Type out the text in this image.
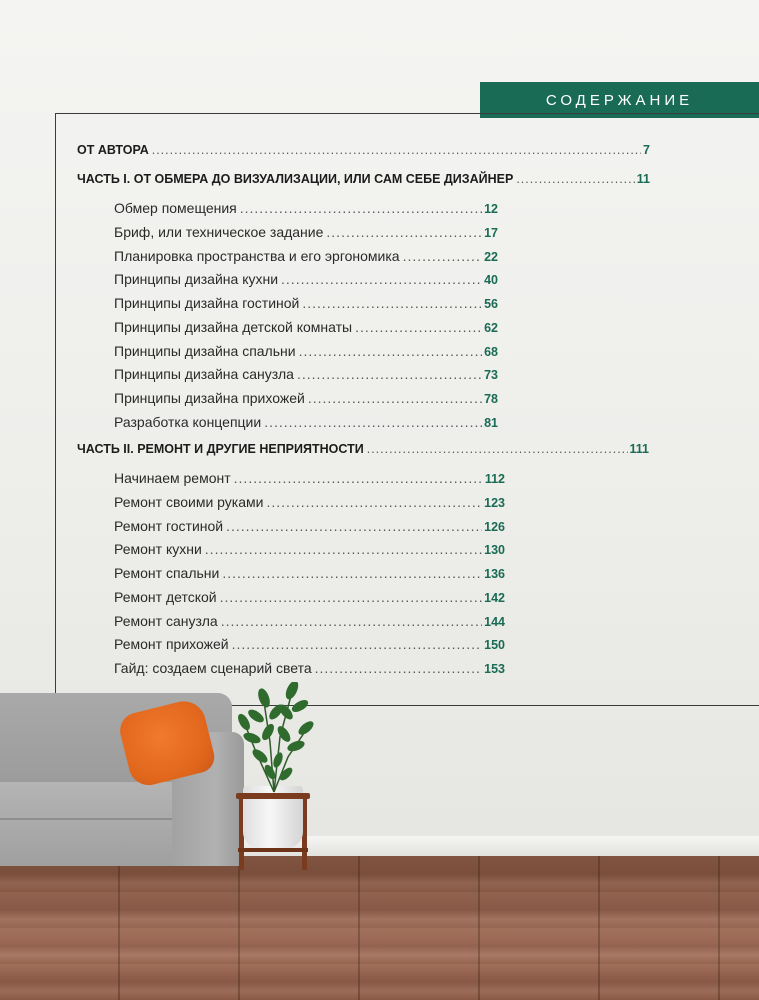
СОДЕРЖАНИЕ
ОТ АВТОРА .....	7
ЧАСТЬ I. ОТ ОБМЕРА ДО ВИЗУАЛИЗАЦИИ, ИЛИ САМ СЕБЕ ДИЗАЙНЕР .....	11
Обмер помещения .....	12
Бриф, или техническое задание .....	17
Планировка пространства и его эргономика .....	22
Принципы дизайна кухни .....	40
Принципы дизайна гостиной .....	56
Принципы дизайна детской комнаты .....	62
Принципы дизайна спальни .....	68
Принципы дизайна санузла .....	73
Принципы дизайна прихожей .....	78
Разработка концепции .....	81
ЧАСТЬ II. РЕМОНТ И ДРУГИЕ НЕПРИЯТНОСТИ .....	111
Начинаем ремонт .....	112
Ремонт своими руками .....	123
Ремонт гостиной .....	126
Ремонт кухни .....	130
Ремонт спальни .....	136
Ремонт детской .....	142
Ремонт санузла .....	144
Ремонт прихожей .....	150
Гайд: создаем сценарий света .....	153
